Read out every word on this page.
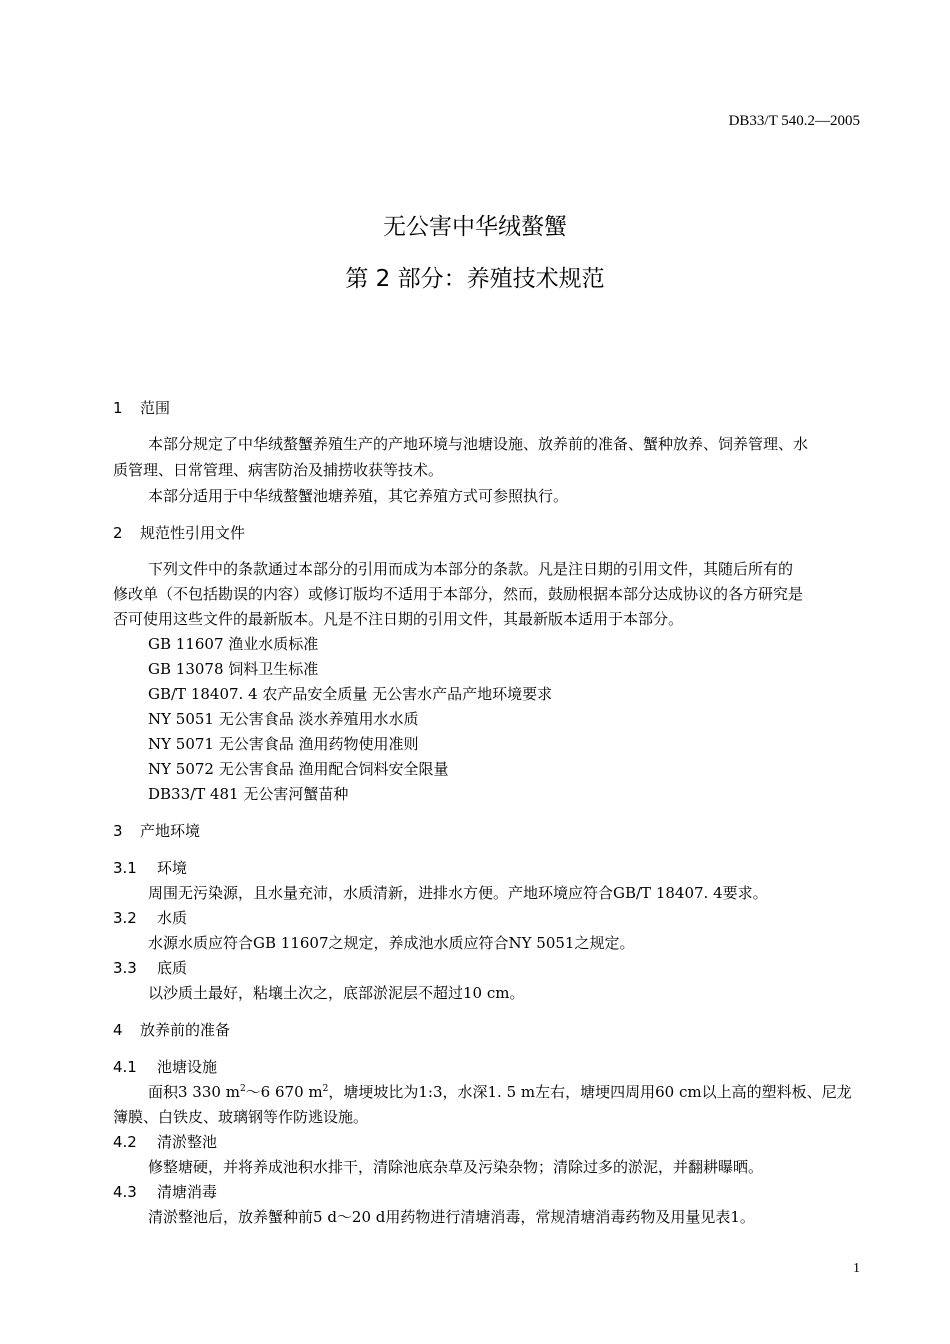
DB33/T 540.2—2005
无公害中华绒螯蟹
第 2 部分：养殖技术规范
1 范围
本部分规定了中华绒螯蟹养殖生产的产地环境与池塘设施、放养前的准备、蟹种放养、饲养管理、水
质管理、日常管理、病害防治及捕捞收获等技术。
本部分适用于中华绒螯蟹池塘养殖，其它养殖方式可参照执行。
2 规范性引用文件
下列文件中的条款通过本部分的引用而成为本部分的条款。凡是注日期的引用文件，其随后所有的
修改单（不包括勘误的内容）或修订版均不适用于本部分，然而，鼓励根据本部分达成协议的各方研究是
否可使用这些文件的最新版本。凡是不注日期的引用文件，其最新版本适用于本部分。
GB 11607 渔业水质标准
GB 13078 饲料卫生标准
GB/T 18407. 4 农产品安全质量 无公害水产品产地环境要求
NY 5051 无公害食品 淡水养殖用水水质
NY 5071 无公害食品 渔用药物使用准则
NY 5072 无公害食品 渔用配合饲料安全限量
DB33/T 481 无公害河蟹苗种
3 产地环境
3.1 环境
周围无污染源，且水量充沛，水质清新，进排水方便。产地环境应符合GB/T 18407. 4要求。
3.2 水质
水源水质应符合GB 11607之规定，养成池水质应符合NY 5051之规定。
3.3 底质
以沙质土最好，粘壤土次之，底部淤泥层不超过10 cm。
4 放养前的准备
4.1 池塘设施
面积3 330 $m^2\sim 6$ 670 $m^2$，塘埂坡比为1:3，水深1. 5 m左右，塘埂四周用60 cm以上高的塑料板、尼龙
簿膜、白铁皮、玻璃钢等作防逃设施。
4.2 清淤整池
修整塘硬，并将养成池积水排干，清除池底杂草及污染杂物；清除过多的淤泥，并翻耕曝晒。
4.3 清塘消毒
清淤整池后，放养蟹种前5 d～20 d用药物进行清塘消毒，常规清塘消毒药物及用量见表1。
1
